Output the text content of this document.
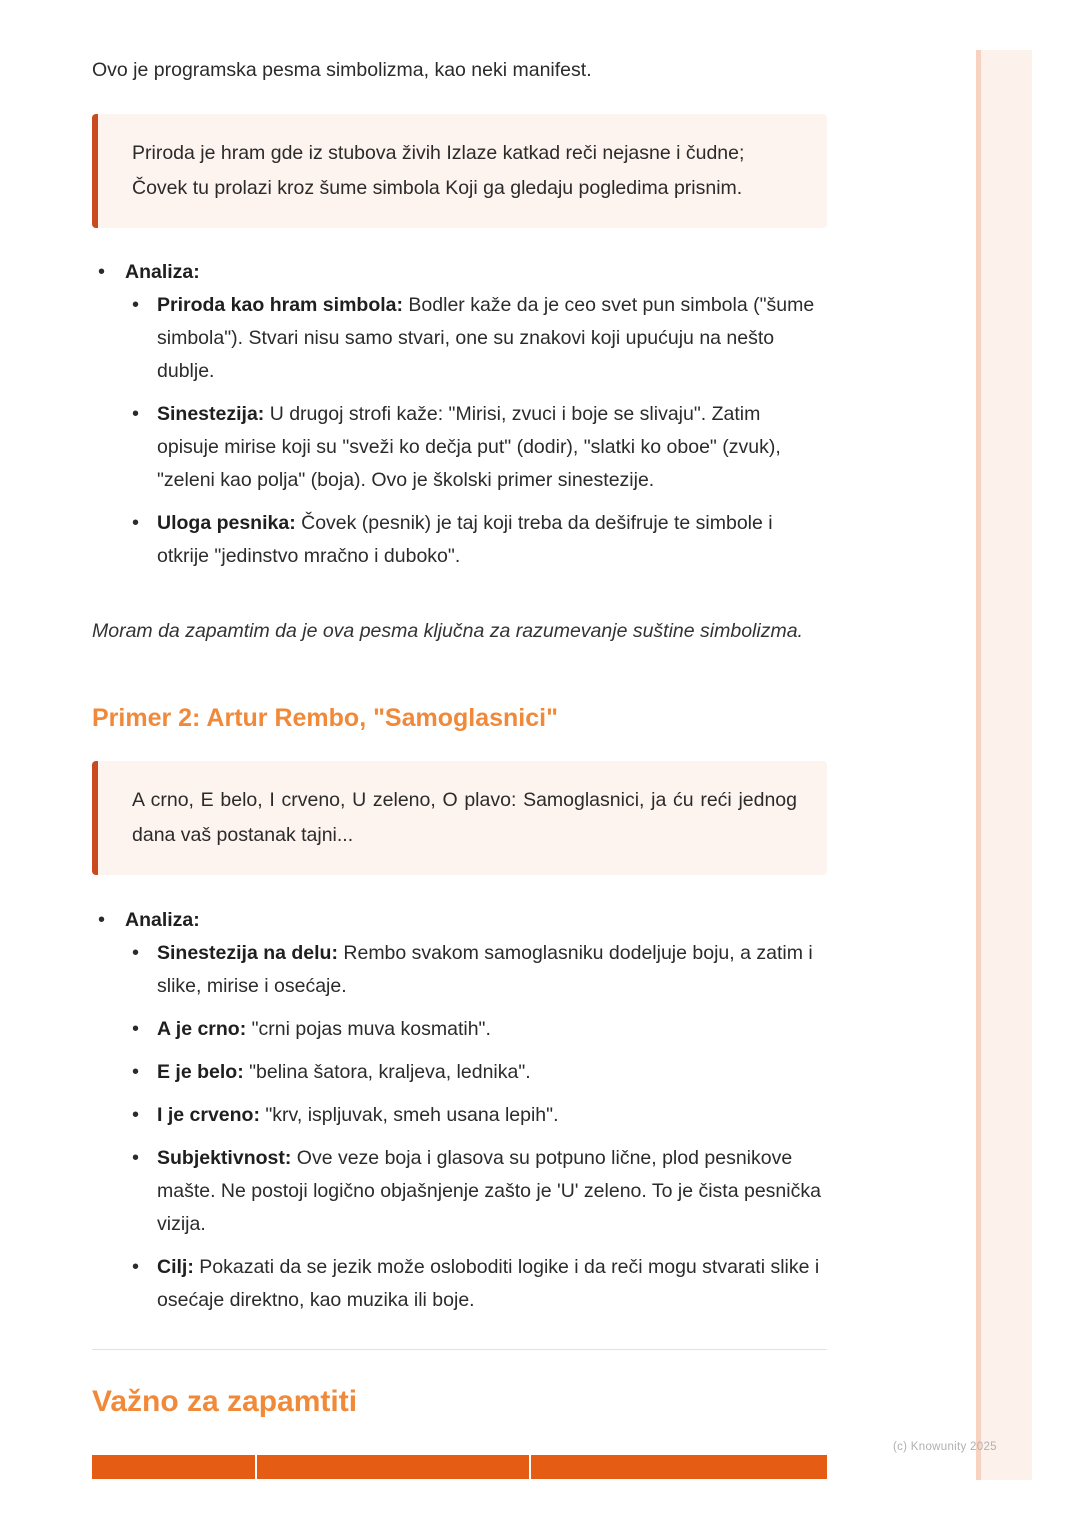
Ovo je programska pesma simbolizma, kao neki manifest.

Priroda je hram gde iz stubova živih Izlaze katkad reči nejasne i čudne;
Čovek tu prolazi kroz šume simbola Koji ga gledaju pogledima prisnim.
• Analiza:
• Priroda kao hram simbola: Bodler kaže da je ceo svet pun simbola ("šume simbola"). Stvari nisu samo stvari, one su znakovi koji upućuju na nešto dublje.
• Sinestezija: U drugoj strofi kaže: "Mirisi, zvuci i boje se slivaju". Zatim opisuje mirise koji su "sveži ko dečja put" (dodir), "slatki ko oboe" (zvuk), "zeleni kao polja" (boja). Ovo je školski primer sinestezije.
• Uloga pesnika: Čovek (pesnik) je taj koji treba da dešifruje te simbole i otkrije "jedinstvo mračno i duboko".

Moram da zapamtim da je ova pesma ključna za razumevanje suštine simbolizma.

Primer 2: Artur Rembo, "Samoglasnici"
A crno, E belo, I crveno, U zeleno, O plavo: Samoglasnici, ja ću reći jednog dana vaš postanak tajni...
• Analiza:
• Sinestezija na delu: Rembo svakom samoglasniku dodeljuje boju, a zatim i slike, mirise i osećaje.
• A je crno: "crni pojas muva kosmatih".
• E je belo: "belina šatora, kraljeva, lednika".
• I je crveno: "krv, ispljuvak, smeh usana lepih".
• Subjektivnost: Ove veze boja i glasova su potpuno lične, plod pesnikove mašte. Ne postoji logično objašnjenje zašto je 'U' zeleno. To je čista pesnička vizija.
• Cilj: Pokazati da se jezik može osloboditi logike i da reči mogu stvarati slike i osećaje direktno, kao muzika ili boje.
Važno za zapamtiti
(c) Knowunity 2025
